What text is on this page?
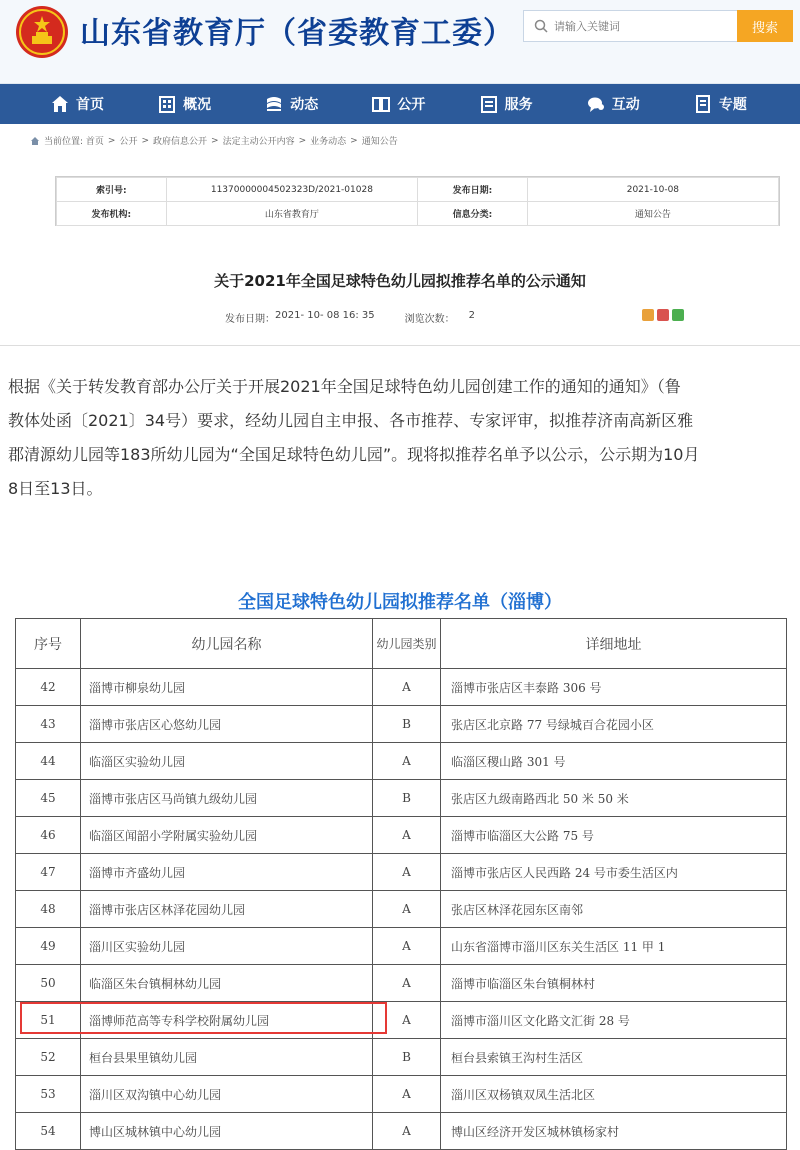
山东省教育厅（省委教育工委）
请输入关键词	搜索
首页	概况	动态	公开	服务	互动	专题
当前位置: 首页 > 公开 > 政府信息公开 > 法定主动公开内容 > 业务动态 > 通知公告
索引号:	11370000004502323D/2021-01028	发布日期:	2021-10-08
发布机构:	山东省教育厅	信息分类:	通知公告
关于2021年全国足球特色幼儿园拟推荐名单的公示通知
发布日期： 2021- 10- 08 16: 35	浏览次数： 2
根据《关于转发教育部办公厅关于开展2021年全国足球特色幼儿园创建工作的通知的通知》（鲁
教体处函〔2021〕34号）要求，经幼儿园自主申报、各市推荐、专家评审，拟推荐济南高新区雅
郡清源幼儿园等183所幼儿园为“全国足球特色幼儿园”。现将拟推荐名单予以公示，公示期为10月
8日至13日。
全国足球特色幼儿园拟推荐名单（淄博）
序号	幼儿园名称	幼儿园类别	详细地址
42	淄博市柳泉幼儿园	A	淄博市张店区丰泰路 306 号
43	淄博市张店区心悠幼儿园	B	张店区北京路 77 号绿城百合花园小区
44	临淄区实验幼儿园	A	临淄区稷山路 301 号
45	淄博市张店区马尚镇九级幼儿园	B	张店区九级南路西北 50 米 50 米
46	临淄区闻韶小学附属实验幼儿园	A	淄博市临淄区大公路 75 号
47	淄博市齐盛幼儿园	A	淄博市张店区人民西路 24 号市委生活区内
48	淄博市张店区林泽花园幼儿园	A	张店区林泽花园东区南邻
49	淄川区实验幼儿园	A	山东省淄博市淄川区东关生活区 11 甲 1
50	临淄区朱台镇桐林幼儿园	A	淄博市临淄区朱台镇桐林村
51	淄博师范高等专科学校附属幼儿园	A	淄博市淄川区文化路文汇街 28 号
52	桓台县果里镇幼儿园	B	桓台县索镇王沟村生活区
53	淄川区双沟镇中心幼儿园	A	淄川区双杨镇双凤生活北区
54	博山区城林镇中心幼儿园	A	博山区经济开发区城林镇杨家村
